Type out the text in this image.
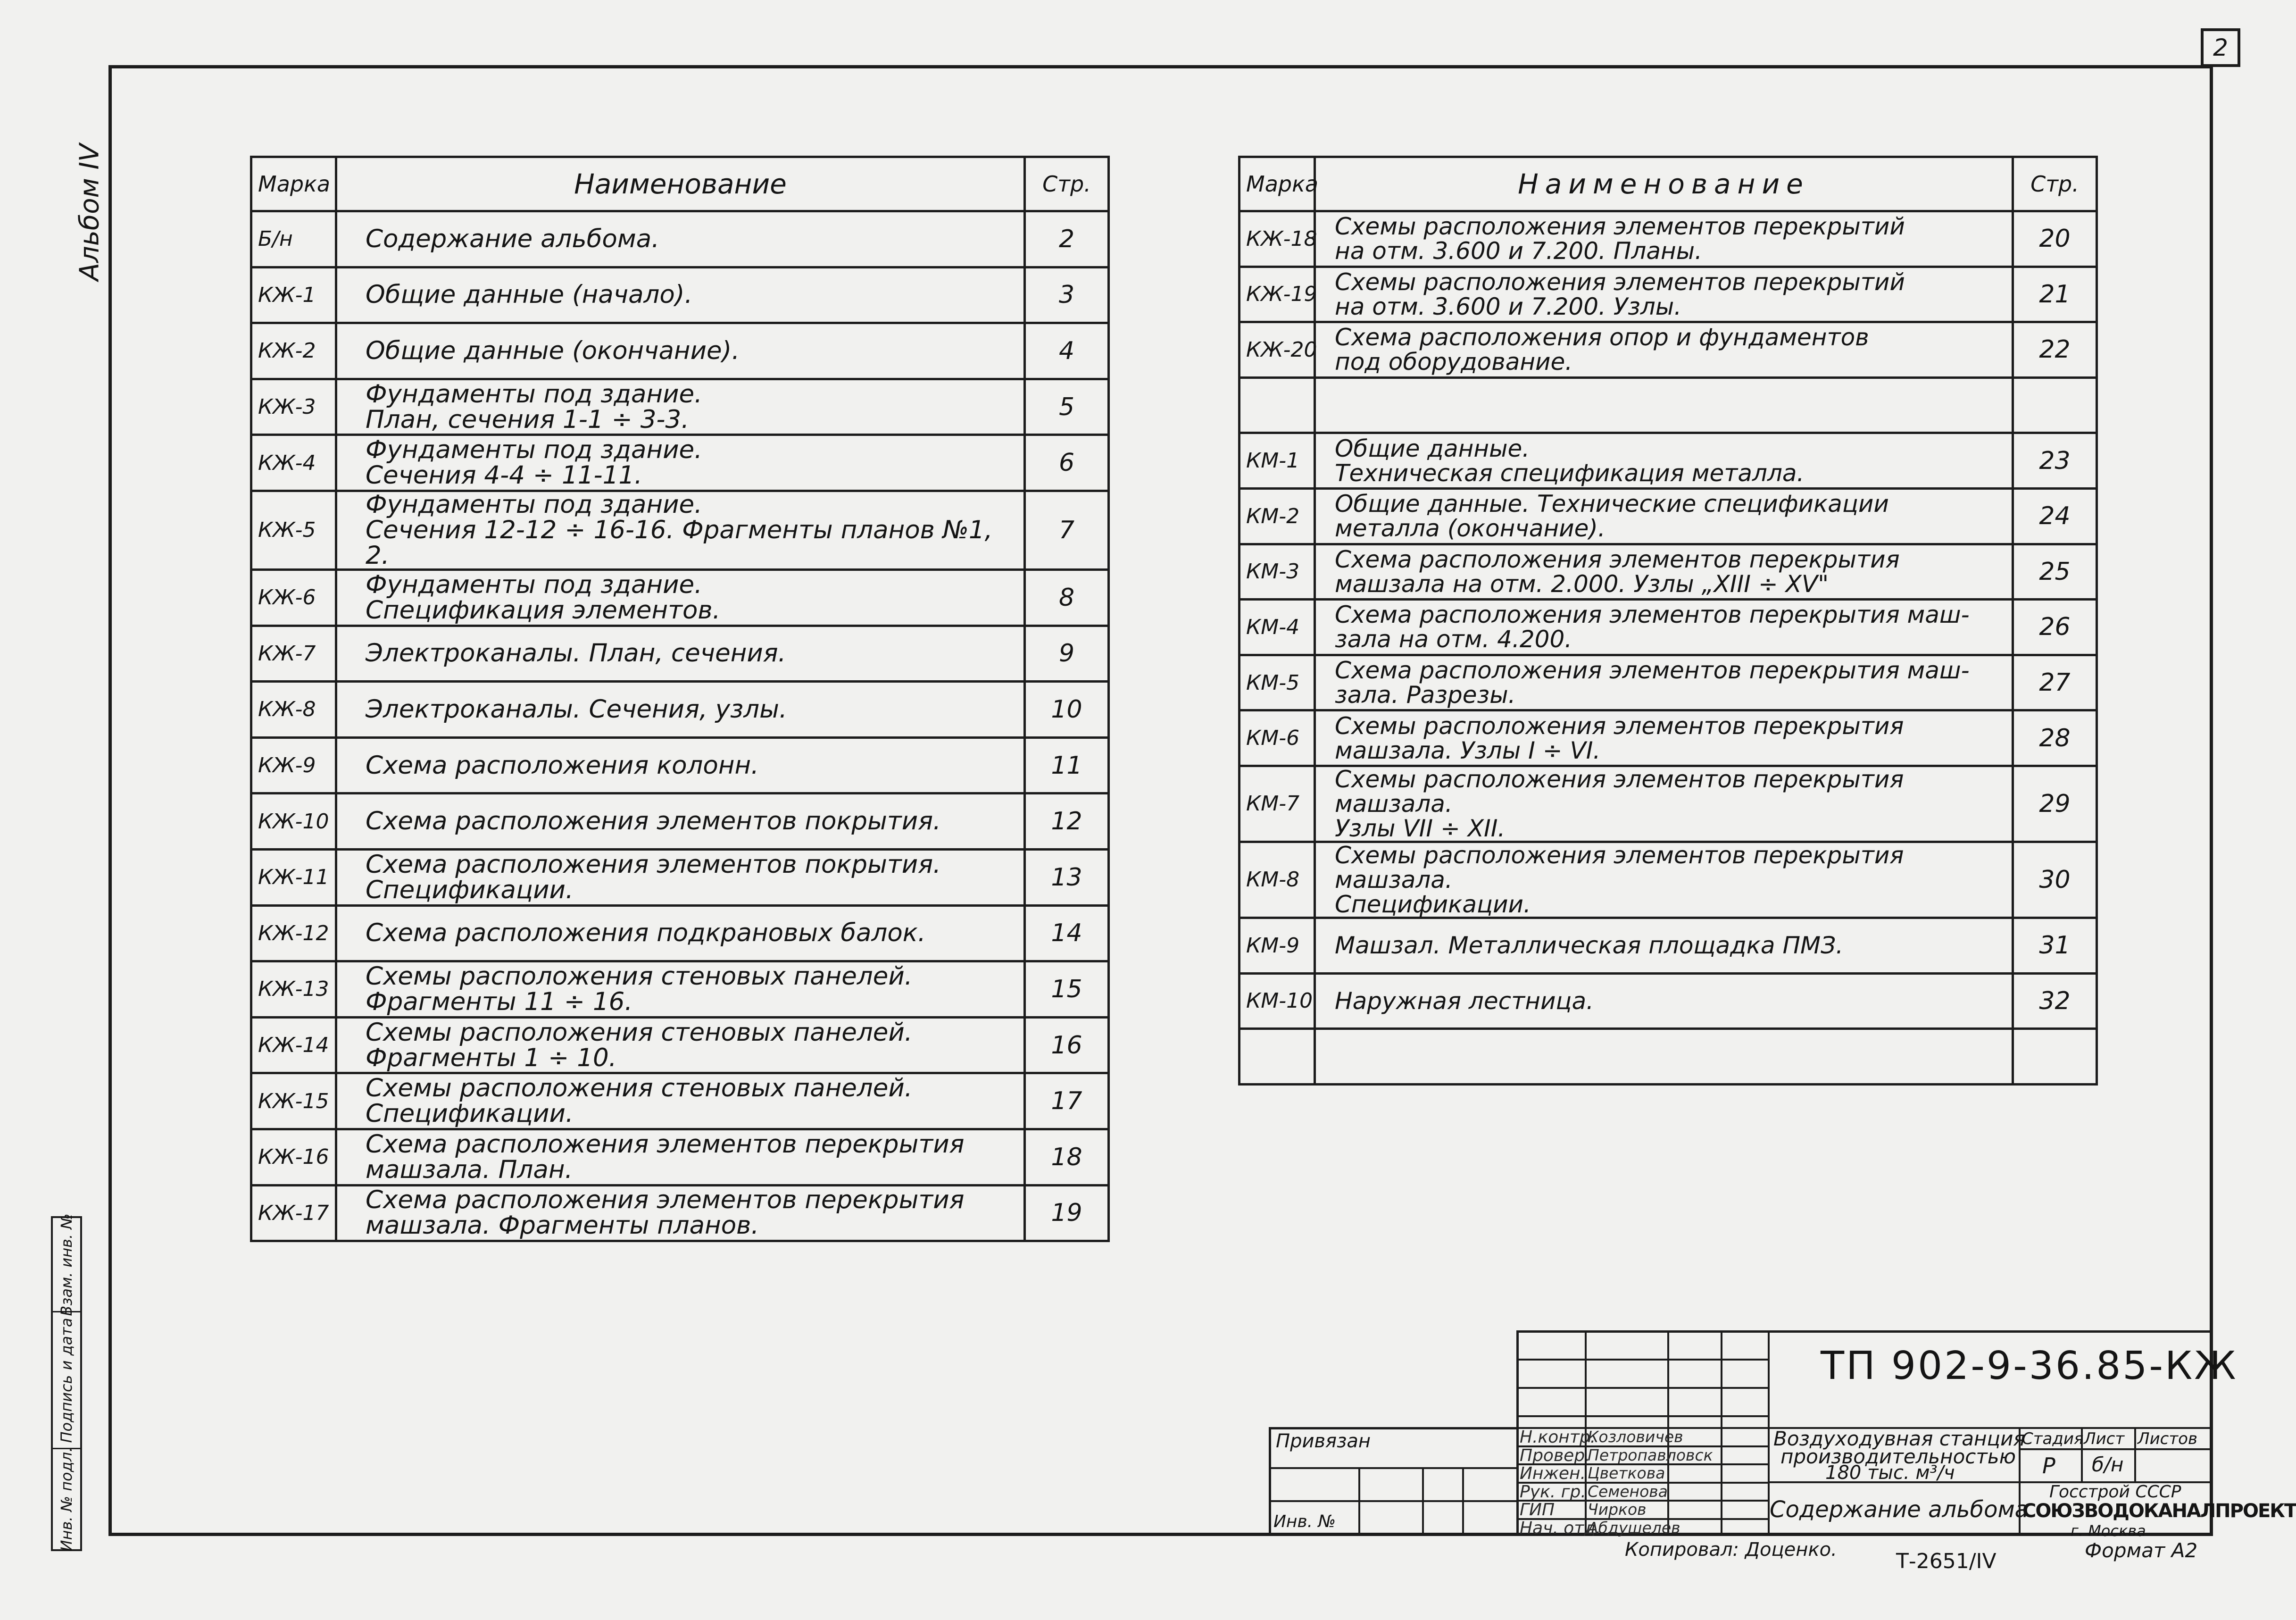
2
Альбом IV
Взам. инв. №
Подпись и дата
Инв. № подл.
Марка	Наименование	Стр.
Б/н	Содержание альбома.	2
КЖ-1	Общие данные (начало).	3
КЖ-2	Общие данные (окончание).	4
КЖ-3	Фундаменты под здание.
План, сечения 1-1 ÷ 3-3.	5
КЖ-4	Фундаменты под здание.
Сечения 4-4 ÷ 11-11.	6
КЖ-5	Фундаменты под здание.
Сечения 12-12 ÷ 16-16. Фрагменты планов №1, 2.	7
КЖ-6	Фундаменты под здание.
Спецификация элементов.	8
КЖ-7	Электроканалы. План, сечения.	9
КЖ-8	Электроканалы. Сечения, узлы.	10
КЖ-9	Схема расположения колонн.	11
КЖ-10	Схема расположения элементов покрытия.	12
КЖ-11	Схема расположения элементов покрытия.
Спецификации.	13
КЖ-12	Схема расположения подкрановых балок.	14
КЖ-13	Схемы расположения стеновых панелей.
Фрагменты 11 ÷ 16.	15
КЖ-14	Схемы расположения стеновых панелей.
Фрагменты 1 ÷ 10.	16
КЖ-15	Схемы расположения стеновых панелей.
Спецификации.	17
КЖ-16	Схема расположения элементов перекрытия
машзала. План.	18
КЖ-17	Схема расположения элементов перекрытия
машзала. Фрагменты планов.	19
Марка	Наименование	Стр.
КЖ-18	Схемы расположения элементов перекрытий
на отм. 3.600 и 7.200. Планы.	20
КЖ-19	Схемы расположения элементов перекрытий
на отм. 3.600 и 7.200. Узлы.	21
КЖ-20	Схема расположения опор и фундаментов
под оборудование.	22

КМ-1	Общие данные.
Техническая спецификация металла.	23
КМ-2	Общие данные. Технические спецификации
металла (окончание).	24
КМ-3	Схема расположения элементов перекрытия
машзала на отм. 2.000. Узлы „XIII ÷ XV"	25
КМ-4	Схема расположения элементов перекрытия маш-
зала на отм. 4.200.	26
КМ-5	Схема расположения элементов перекрытия маш-
зала. Разрезы.	27
КМ-6	Схемы расположения элементов перекрытия
машзала. Узлы I ÷ VI.	28
КМ-7	Схемы расположения элементов перекрытия машзала.
Узлы VII ÷ XII.	29
КМ-8	Схемы расположения элементов перекрытия машзала.
Спецификации.	30
КМ-9	Машзал. Металлическая площадка ПМЗ.	31
КМ-10	Наружная лестница.	32

Привязан
Инв. №
Н.контр.
Козловичев
Провер.
Петропавловск
Инжен. Цветкова
Рук. гр. Семенова
ГИП Чирков
Нач. отд.
Абдушелев
ТП 902-9-36.85-КЖ
Воздуходувная станция
производительностью
180 тыс. м³/ч
Содержание альбома
Стадия Лист Листов
Р б/н
Госстрой СССР
СОЮЗВОДОКАНАЛПРОЕКТ
г. Москва
Копировал: Доценко.	Т-2651/IV	Формат А2
